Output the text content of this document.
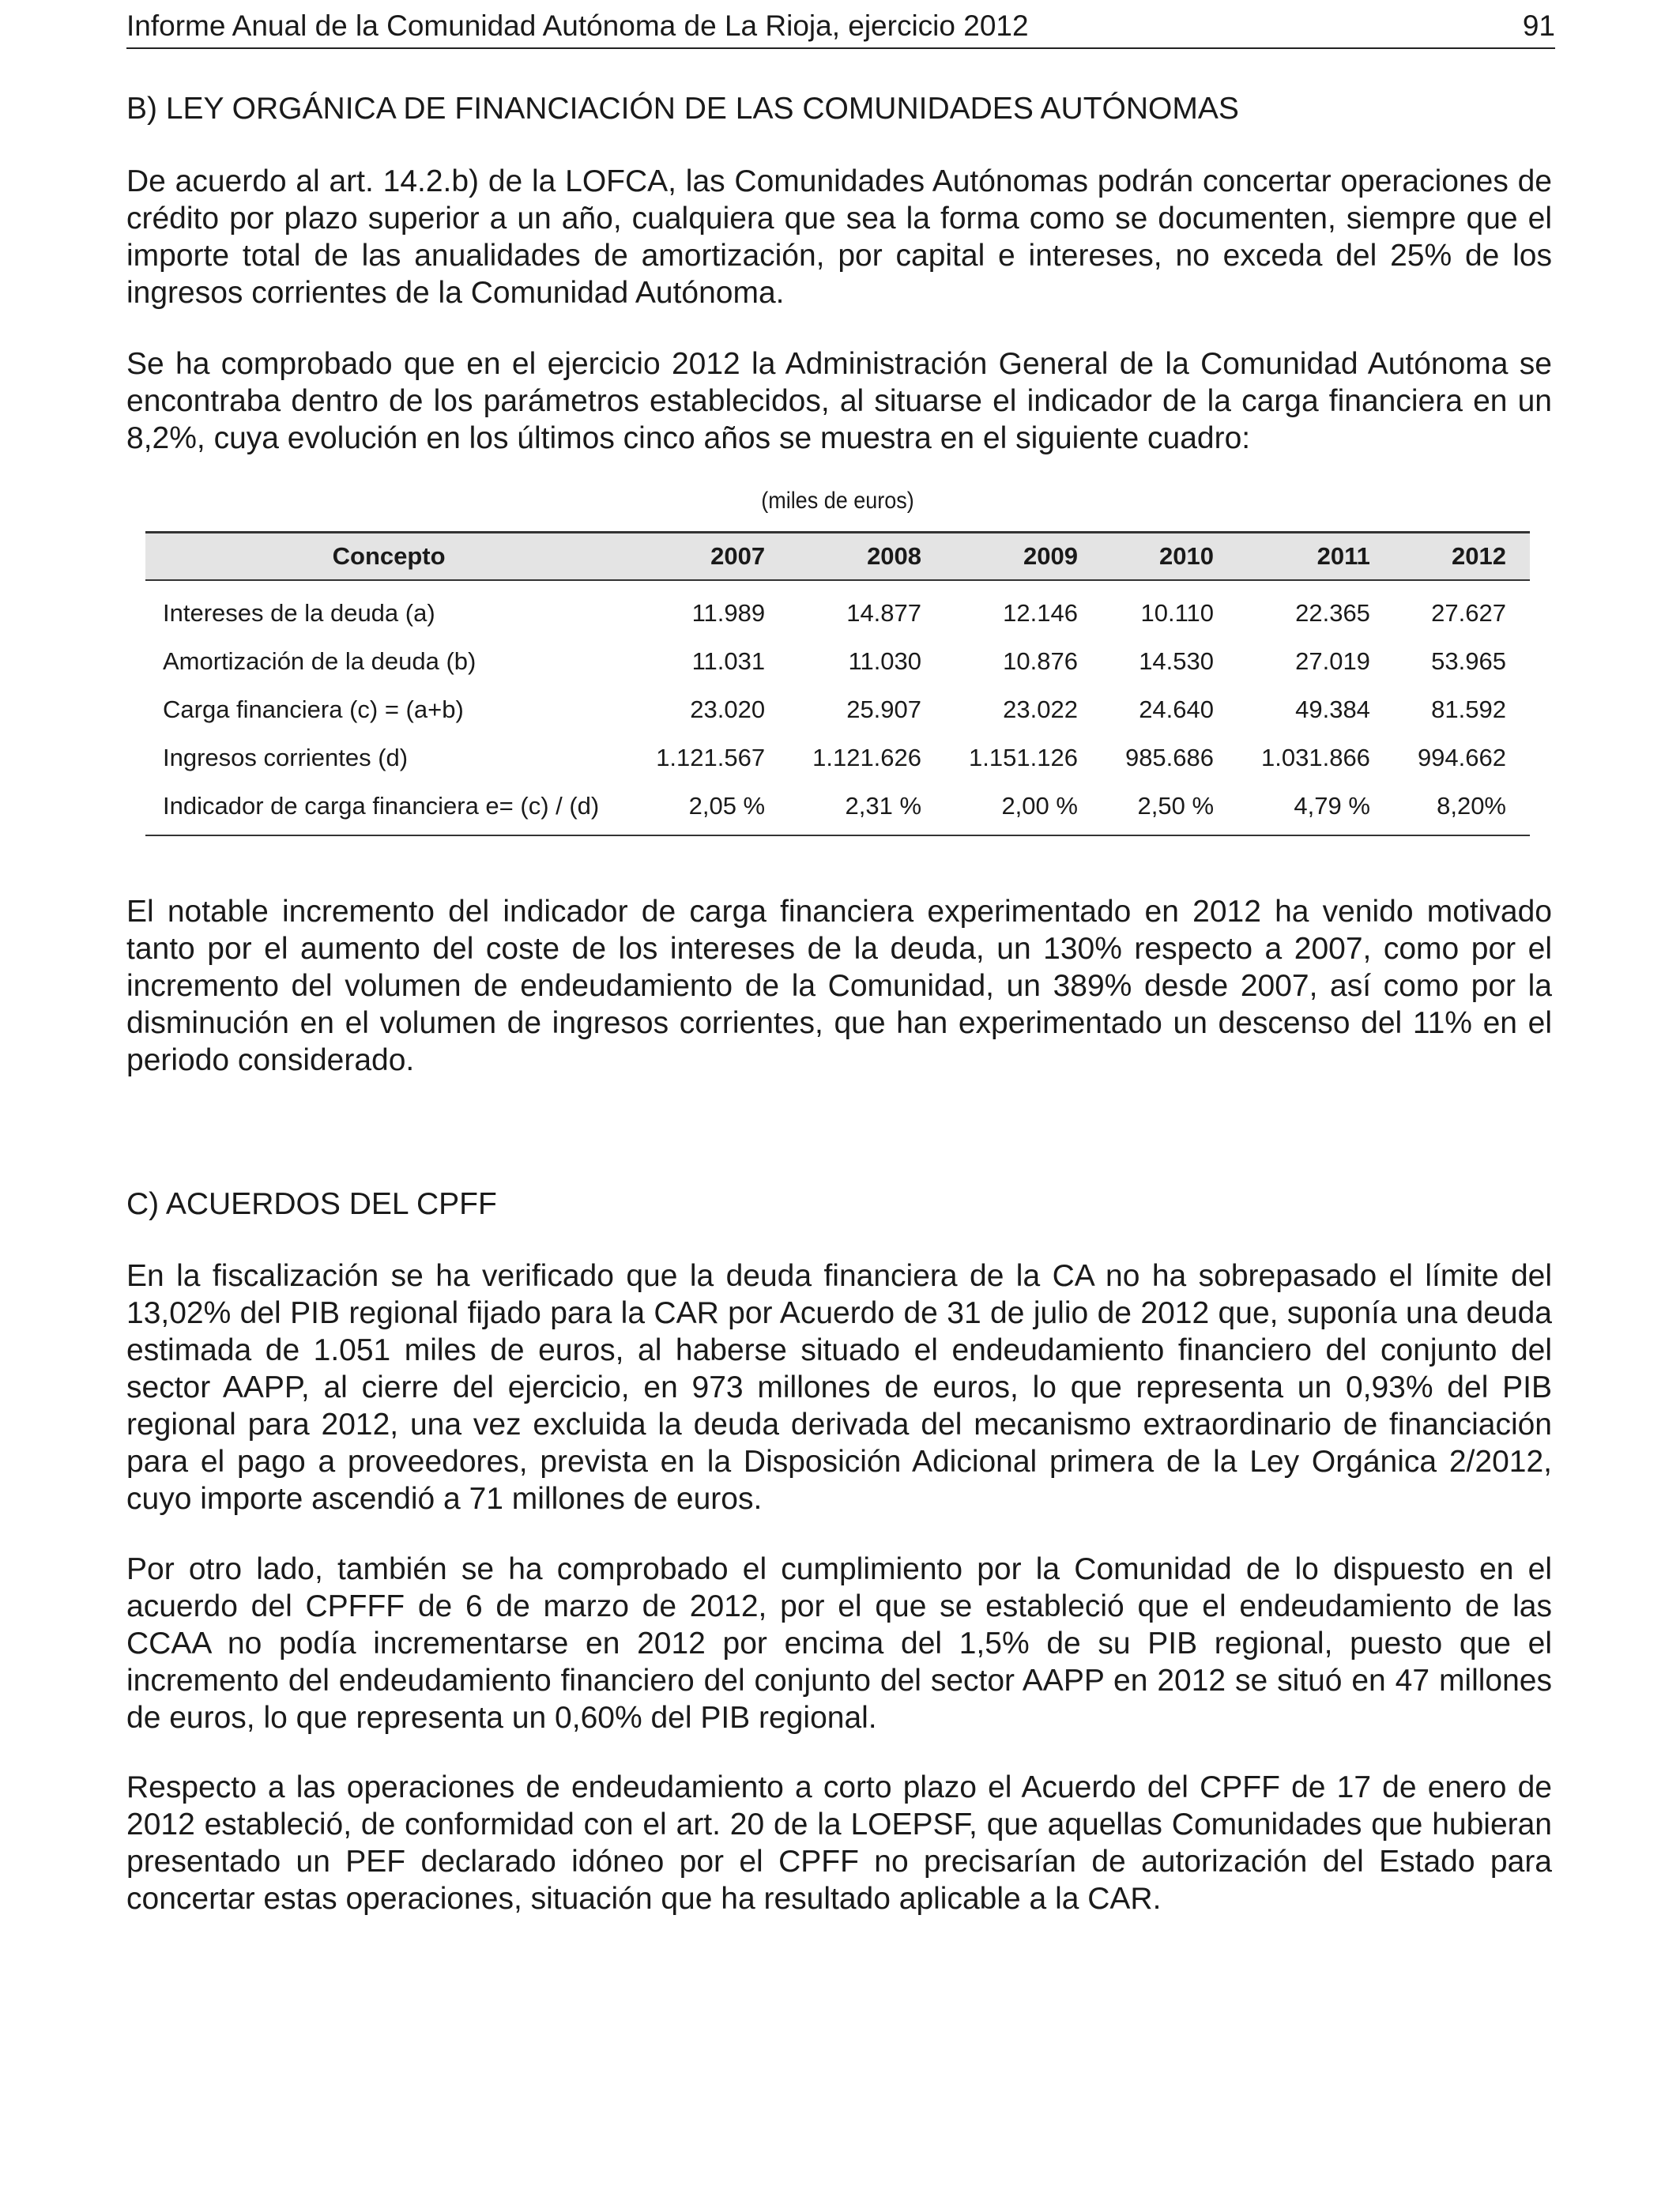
Informe Anual de la Comunidad Autónoma de La Rioja, ejercicio 2012	91
B) LEY ORGÁNICA DE FINANCIACIÓN DE LAS COMUNIDADES AUTÓNOMAS

De acuerdo al art. 14.2.b) de la LOFCA, las Comunidades Autónomas podrán concertar operaciones de crédito por plazo superior a un año, cualquiera que sea la forma como se documenten, siempre que el importe total de las anualidades de amortización, por capital e intereses, no exceda del 25% de los ingresos corrientes de la Comunidad Autónoma.

Se ha comprobado que en el ejercicio 2012 la Administración General de la Comunidad Autónoma se encontraba dentro de los parámetros establecidos, al situarse el indicador de la carga financiera en un 8,2%, cuya evolución en los últimos cinco años se muestra en el siguiente cuadro:

(miles de euros)
Concepto	2007	2008	2009	2010	2011	2012
Intereses de la deuda (a)	11.989	14.877	12.146	10.110	22.365	27.627
Amortización de la deuda (b)	11.031	11.030	10.876	14.530	27.019	53.965
Carga financiera (c) = (a+b)	23.020	25.907	23.022	24.640	49.384	81.592
Ingresos corrientes (d)	1.121.567	1.121.626	1.151.126	985.686	1.031.866	994.662
Indicador de carga financiera e= (c) / (d)	2,05 %	2,31 %	2,00 %	2,50 %	4,79 %	8,20%

El notable incremento del indicador de carga financiera experimentado en 2012 ha venido motivado tanto por el aumento del coste de los intereses de la deuda, un 130% respecto a 2007, como por el incremento del volumen de endeudamiento de la Comunidad, un 389% desde 2007, así como por la disminución en el volumen de ingresos corrientes, que han experimentado un descenso del 11% en el periodo considerado.

C) ACUERDOS DEL CPFF

En la fiscalización se ha verificado que la deuda financiera de la CA no ha sobrepasado el límite del 13,02% del PIB regional fijado para la CAR por Acuerdo de 31 de julio de 2012 que, suponía una deuda estimada de 1.051 miles de euros, al haberse situado el endeudamiento financiero del conjunto del sector AAPP, al cierre del ejercicio, en 973 millones de euros, lo que representa un 0,93% del PIB regional para 2012, una vez excluida la deuda derivada del mecanismo extraordinario de financiación para el pago a proveedores, prevista en la Disposición Adicional primera de la Ley Orgánica 2/2012, cuyo importe ascendió a 71 millones de euros.

Por otro lado, también se ha comprobado el cumplimiento por la Comunidad de lo dispuesto en el acuerdo del CPFFF de 6 de marzo de 2012, por el que se estableció que el endeudamiento de las CCAA no podía incrementarse en 2012 por encima del 1,5% de su PIB regional, puesto que el incremento del endeudamiento financiero del conjunto del sector AAPP en 2012 se situó en 47 millones de euros, lo que representa un 0,60% del PIB regional.

Respecto a las operaciones de endeudamiento a corto plazo el Acuerdo del CPFF de 17 de enero de 2012 estableció, de conformidad con el art. 20 de la LOEPSF, que aquellas Comunidades que hubieran presentado un PEF declarado idóneo por el CPFF no precisarían de autorización del Estado para concertar estas operaciones, situación que ha resultado aplicable a la CAR.
